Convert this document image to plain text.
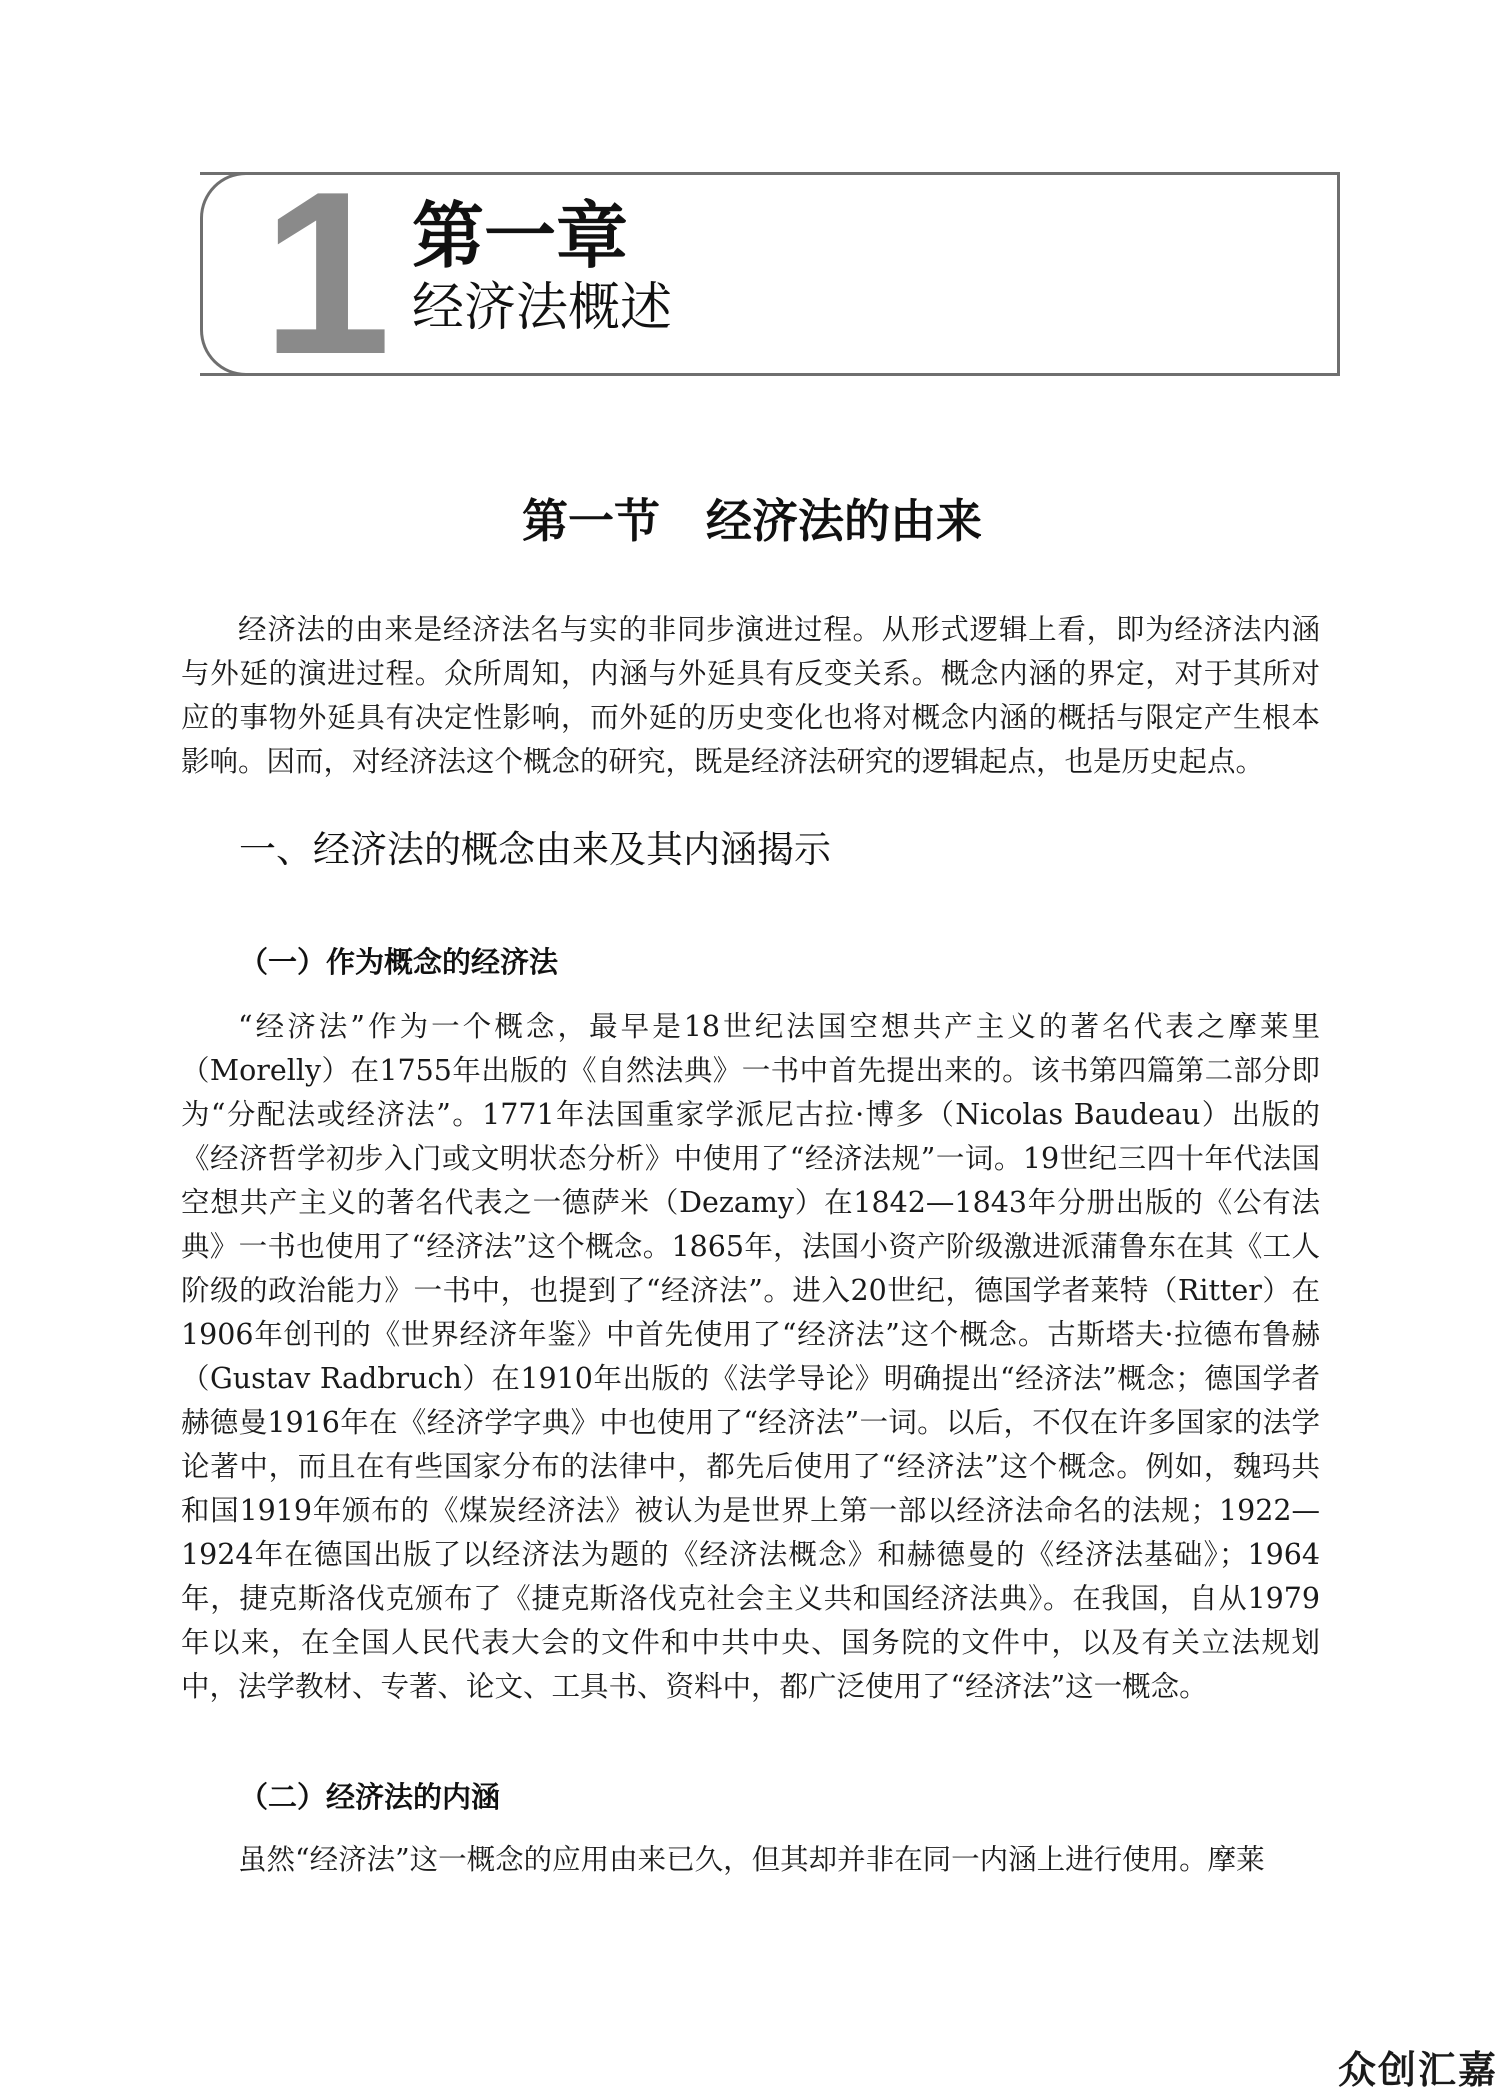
1 第一章
经济法概述
第一节 经济法的由来

经济法的由来是经济法名与实的非同步演进过程。从形式逻辑上看，即为经济法内涵与外延的演进过程。众所周知，内涵与外延具有反变关系。概念内涵的界定，对于其所对应的事物外延具有决定性影响，而外延的历史变化也将对概念内涵的概括与限定产生根本影响。因而，对经济法这个概念的研究，既是经济法研究的逻辑起点，也是历史起点。

一、经济法的概念由来及其内涵揭示
（一）作为概念的经济法

“经济法”作为一个概念，最早是18世纪法国空想共产主义的著名代表之摩莱里（Morelly）在1755年出版的《自然法典》一书中首先提出来的。该书第四篇第二部分即为“分配法或经济法”。1771年法国重家学派尼古拉·博多（Nicolas Baudeau）出版的《经济哲学初步入门或文明状态分析》中使用了“经济法规”一词。19世纪三四十年代法国空想共产主义的著名代表之一德萨米（Dezamy）在1842—1843年分册出版的《公有法典》一书也使用了“经济法”这个概念。1865年，法国小资产阶级激进派蒲鲁东在其《工人阶级的政治能力》一书中，也提到了“经济法”。进入20世纪，德国学者莱特（Ritter）在1906年创刊的《世界经济年鉴》中首先使用了“经济法”这个概念。古斯塔夫·拉德布鲁赫（Gustav Radbruch）在1910年出版的《法学导论》明确提出“经济法”概念；德国学者赫德曼1916年在《经济学字典》中也使用了“经济法”一词。以后，不仅在许多国家的法学论著中，而且在有些国家分布的法律中，都先后使用了“经济法”这个概念。例如，魏玛共和国1919年颁布的《煤炭经济法》被认为是世界上第一部以经济法命名的法规；1922—1924年在德国出版了以经济法为题的《经济法概念》和赫德曼的《经济法基础》；1964年，捷克斯洛伐克颁布了《捷克斯洛伐克社会主义共和国经济法典》。在我国，自从1979年以来，在全国人民代表大会的文件和中共中央、国务院的文件中，以及有关立法规划中，法学教材、专著、论文、工具书、资料中，都广泛使用了“经济法”这一概念。

（二）经济法的内涵

虽然“经济法”这一概念的应用由来已久，但其却并非在同一内涵上进行使用。摩莱

众创汇嘉
